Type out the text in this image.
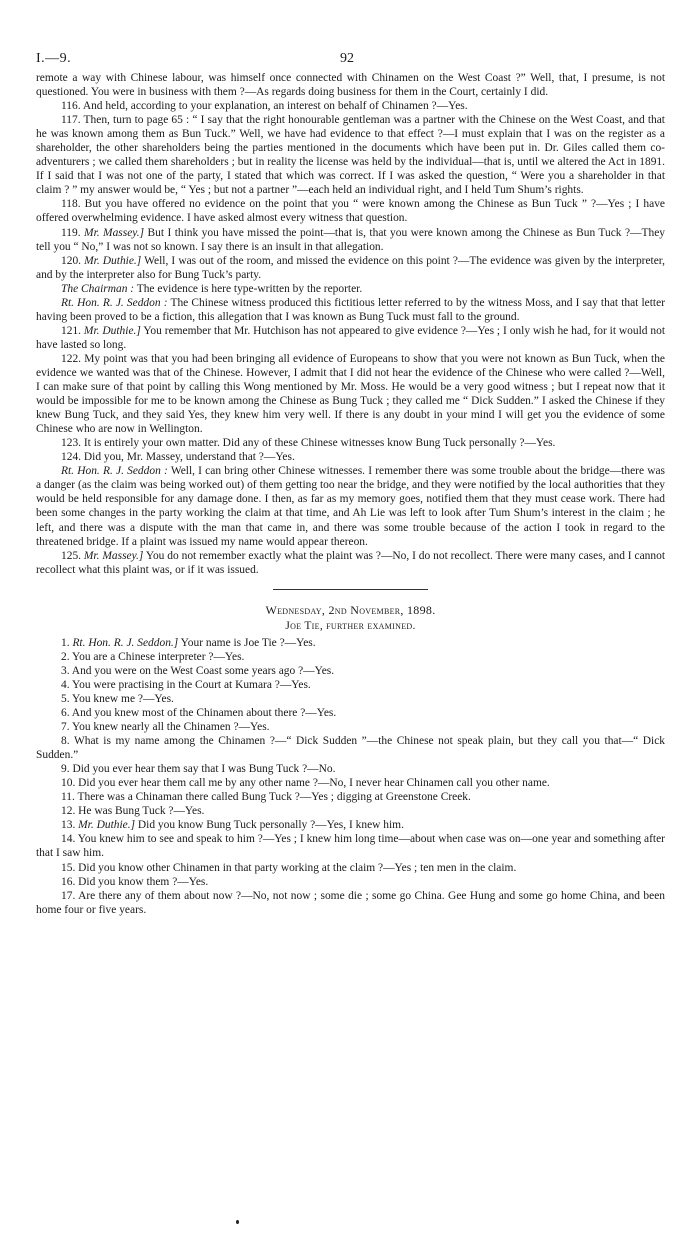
I.—9.	92

remote a way with Chinese labour, was himself once connected with Chinamen on the West Coast ?” Well, that, I presume, is not questioned. You were in business with them ?—As regards doing business for them in the Court, certainly I did.

116. And held, according to your explanation, an interest on behalf of Chinamen ?—Yes.

117. Then, turn to page 65 : “ I say that the right honourable gentleman was a partner with the Chinese on the West Coast, and that he was known among them as Bun Tuck.” Well, we have had evidence to that effect ?—I must explain that I was on the register as a shareholder, the other shareholders being the parties mentioned in the documents which have been put in. Dr. Giles called them co-adventurers ; we called them shareholders ; but in reality the license was held by the individual—that is, until we altered the Act in 1891. If I said that I was not one of the party, I stated that which was correct. If I was asked the question, “ Were you a shareholder in that claim ? ” my answer would be, “ Yes ; but not a partner ”—each held an individual right, and I held Tum Shum’s rights.

118. But you have offered no evidence on the point that you “ were known among the Chinese as Bun Tuck ” ?—Yes ; I have offered overwhelming evidence. I have asked almost every witness that question.

119. Mr. Massey.] But I think you have missed the point—that is, that you were known among the Chinese as Bun Tuck ?—They tell you “ No,” I was not so known. I say there is an insult in that allegation.

120. Mr. Duthie.] Well, I was out of the room, and missed the evidence on this point ?—The evidence was given by the interpreter, and by the interpreter also for Bung Tuck’s party.

The Chairman : The evidence is here type-written by the reporter.

Rt. Hon. R. J. Seddon : The Chinese witness produced this fictitious letter referred to by the witness Moss, and I say that that letter having been proved to be a fiction, this allegation that I was known as Bung Tuck must fall to the ground.

121. Mr. Duthie.] You remember that Mr. Hutchison has not appeared to give evidence ?—Yes ; I only wish he had, for it would not have lasted so long.

122. My point was that you had been bringing all evidence of Europeans to show that you were not known as Bun Tuck, when the evidence we wanted was that of the Chinese. However, I admit that I did not hear the evidence of the Chinese who were called ?—Well, I can make sure of that point by calling this Wong mentioned by Mr. Moss. He would be a very good witness ; but I repeat now that it would be impossible for me to be known among the Chinese as Bung Tuck ; they called me “ Dick Sudden.” I asked the Chinese if they knew Bung Tuck, and they said Yes, they knew him very well. If there is any doubt in your mind I will get you the evidence of some Chinese who are now in Wellington.

123. It is entirely your own matter. Did any of these Chinese witnesses know Bung Tuck personally ?—Yes.

124. Did you, Mr. Massey, understand that ?—Yes.

Rt. Hon. R. J. Seddon : Well, I can bring other Chinese witnesses. I remember there was some trouble about the bridge—there was a danger (as the claim was being worked out) of them getting too near the bridge, and they were notified by the local authorities that they would be held responsible for any damage done. I then, as far as my memory goes, notified them that they must cease work. There had been some changes in the party working the claim at that time, and Ah Lie was left to look after Tum Shum’s interest in the claim ; he left, and there was a dispute with the man that came in, and there was some trouble because of the action I took in regard to the threatened bridge. If a plaint was issued my name would appear thereon.

125. Mr. Massey.] You do not remember exactly what the plaint was ?—No, I do not recollect. There were many cases, and I cannot recollect what this plaint was, or if it was issued.

Wednesday, 2nd November, 1898.
Joe Tie, further examined.

1. Rt. Hon. R. J. Seddon.] Your name is Joe Tie ?—Yes.

2. You are a Chinese interpreter ?—Yes.

3. And you were on the West Coast some years ago ?—Yes.

4. You were practising in the Court at Kumara ?—Yes.

5. You knew me ?—Yes.

6. And you knew most of the Chinamen about there ?—Yes.

7. You knew nearly all the Chinamen ?—Yes.

8. What is my name among the Chinamen ?—“ Dick Sudden ”—the Chinese not speak plain, but they call you that—“ Dick Sudden.”

9. Did you ever hear them say that I was Bung Tuck ?—No.

10. Did you ever hear them call me by any other name ?—No, I never hear Chinamen call you other name.

11. There was a Chinaman there called Bung Tuck ?—Yes ; digging at Greenstone Creek.

12. He was Bung Tuck ?—Yes.

13. Mr. Duthie.] Did you know Bung Tuck personally ?—Yes, I knew him.

14. You knew him to see and speak to him ?—Yes ; I knew him long time—about when case was on—one year and something after that I saw him.

15. Did you know other Chinamen in that party working at the claim ?—Yes ; ten men in the claim.

16. Did you know them ?—Yes.

17. Are there any of them about now ?—No, not now ; some die ; some go China. Gee Hung and some go home China, and been home four or five years.
